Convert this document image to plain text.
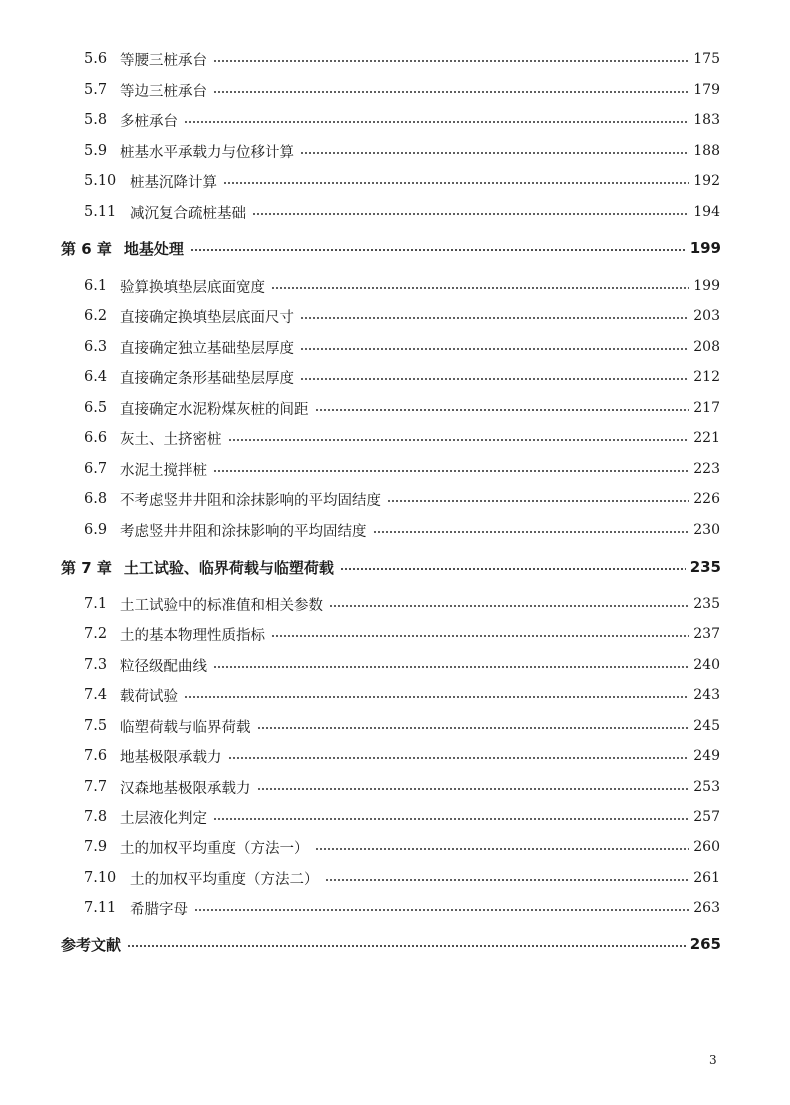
5.6 等腰三桩承台	175
5.7 等边三桩承台	179
5.8 多桩承台	183
5.9 桩基水平承载力与位移计算	188
5.10 桩基沉降计算	192
5.11 减沉复合疏桩基础	194
第 6 章 地基处理	199
6.1 验算换填垫层底面宽度	199
6.2 直接确定换填垫层底面尺寸	203
6.3 直接确定独立基础垫层厚度	208
6.4 直接确定条形基础垫层厚度	212
6.5 直接确定水泥粉煤灰桩的间距	217
6.6 灰土、土挤密桩	221
6.7 水泥土搅拌桩	223
6.8 不考虑竖井井阻和涂抹影响的平均固结度	226
6.9 考虑竖井井阻和涂抹影响的平均固结度	230
第 7 章 土工试验、临界荷载与临塑荷载	235
7.1 土工试验中的标准值和相关参数	235
7.2 土的基本物理性质指标	237
7.3 粒径级配曲线	240
7.4 载荷试验	243
7.5 临塑荷载与临界荷载	245
7.6 地基极限承载力	249
7.7 汉森地基极限承载力	253
7.8 土层液化判定	257
7.9 土的加权平均重度（方法一）	260
7.10 土的加权平均重度（方法二）	261
7.11 希腊字母	263
参考文献	265
3
